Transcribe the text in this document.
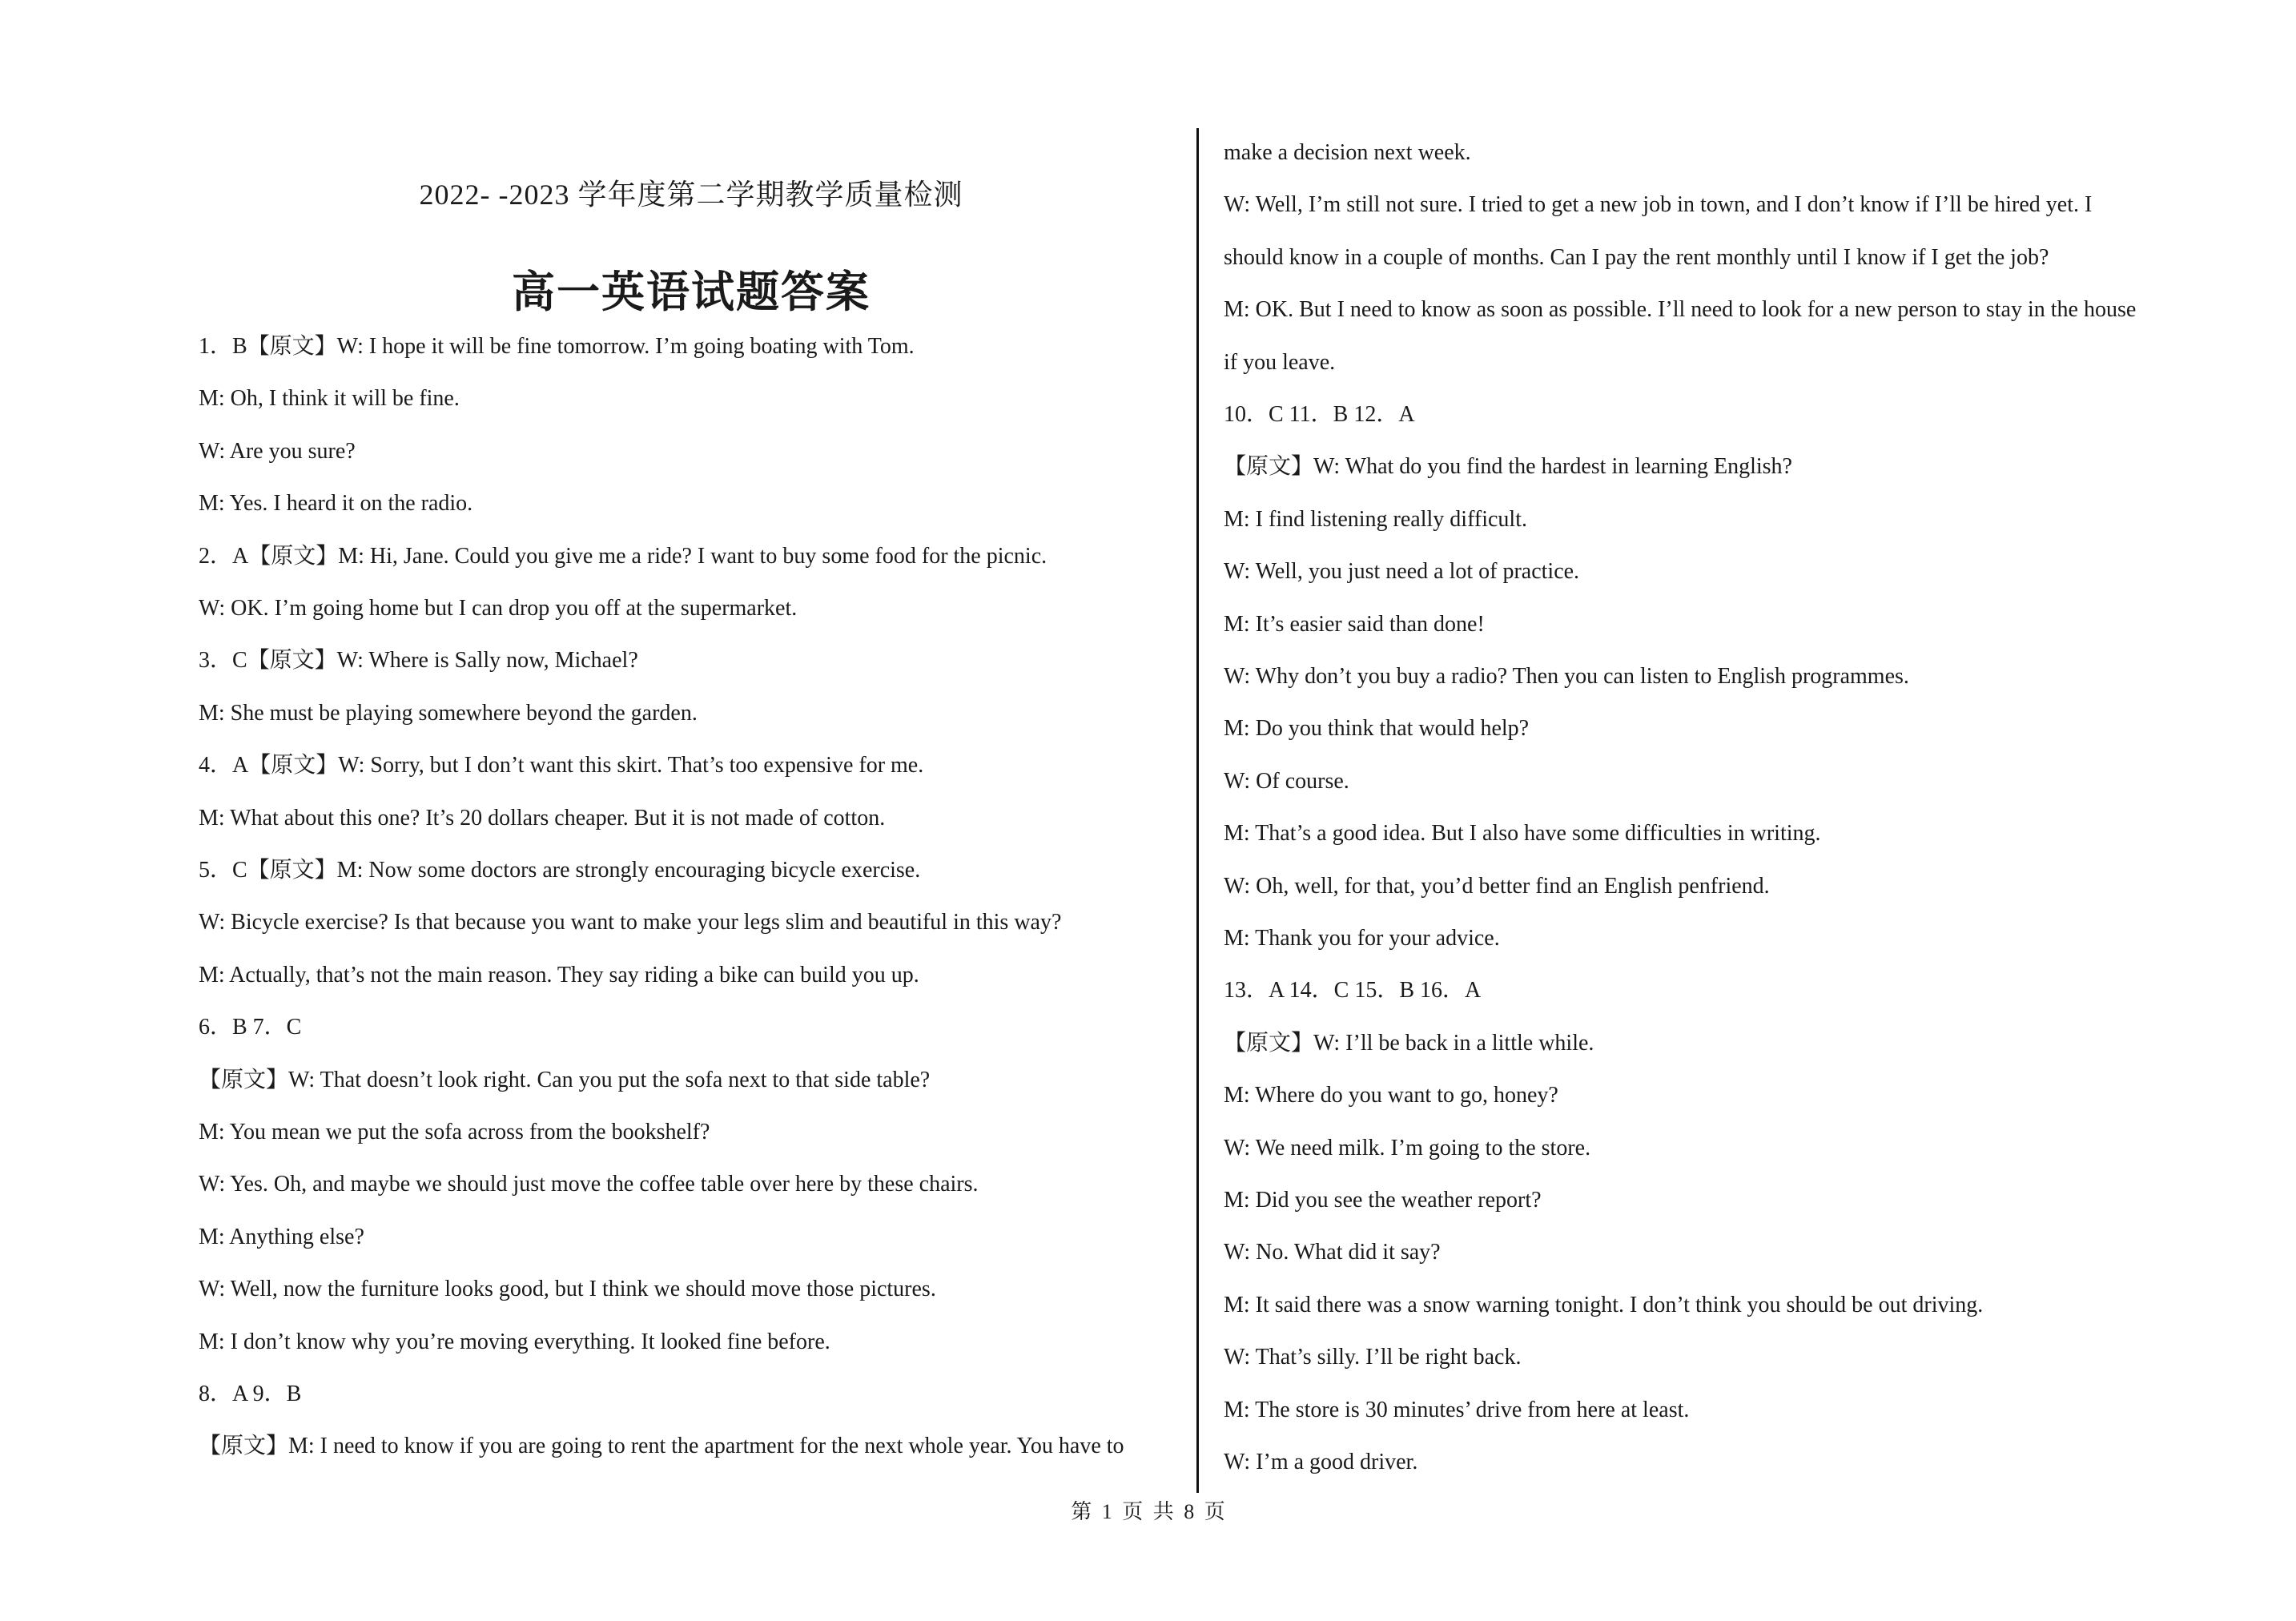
2022- -2023 学年度第二学期教学质量检测
高一英语试题答案
1．B【原文】W: I hope it will be fine tomorrow. I’m going boating with Tom.
M: Oh, I think it will be fine.
W: Are you sure?
M: Yes. I heard it on the radio.
2．A【原文】M: Hi, Jane. Could you give me a ride? I want to buy some food for the picnic.
W: OK. I’m going home but I can drop you off at the supermarket.
3．C【原文】W: Where is Sally now, Michael?
M: She must be playing somewhere beyond the garden.
4．A【原文】W: Sorry, but I don’t want this skirt. That’s too expensive for me.
M: What about this one? It’s 20 dollars cheaper. But it is not made of cotton.
5．C【原文】M: Now some doctors are strongly encouraging bicycle exercise.
W: Bicycle exercise? Is that because you want to make your legs slim and beautiful in this way?
M: Actually, that’s not the main reason. They say riding a bike can build you up.
6．B 7．C
【原文】W: That doesn’t look right. Can you put the sofa next to that side table?
M: You mean we put the sofa across from the bookshelf?
W: Yes. Oh, and maybe we should just move the coffee table over here by these chairs.
M: Anything else?
W: Well, now the furniture looks good, but I think we should move those pictures.
M: I don’t know why you’re moving everything. It looked fine before.
8．A 9．B
【原文】M: I need to know if you are going to rent the apartment for the next whole year. You have to
make a decision next week.
W: Well, I’m still not sure. I tried to get a new job in town, and I don’t know if I’ll be hired yet. I
should know in a couple of months. Can I pay the rent monthly until I know if I get the job?
M: OK. But I need to know as soon as possible. I’ll need to look for a new person to stay in the house
if you leave.
10．C 11．B 12．A
【原文】W: What do you find the hardest in learning English?
M: I find listening really difficult.
W: Well, you just need a lot of practice.
M: It’s easier said than done!
W: Why don’t you buy a radio? Then you can listen to English programmes.
M: Do you think that would help?
W: Of course.
M: That’s a good idea. But I also have some difficulties in writing.
W: Oh, well, for that, you’d better find an English penfriend.
M: Thank you for your advice.
13．A 14．C 15．B 16．A
【原文】W: I’ll be back in a little while.
M: Where do you want to go, honey?
W: We need milk. I’m going to the store.
M: Did you see the weather report?
W: No. What did it say?
M: It said there was a snow warning tonight. I don’t think you should be out driving.
W: That’s silly. I’ll be right back.
M: The store is 30 minutes’ drive from here at least.
W: I’m a good driver.
第 1 页 共 8 页
